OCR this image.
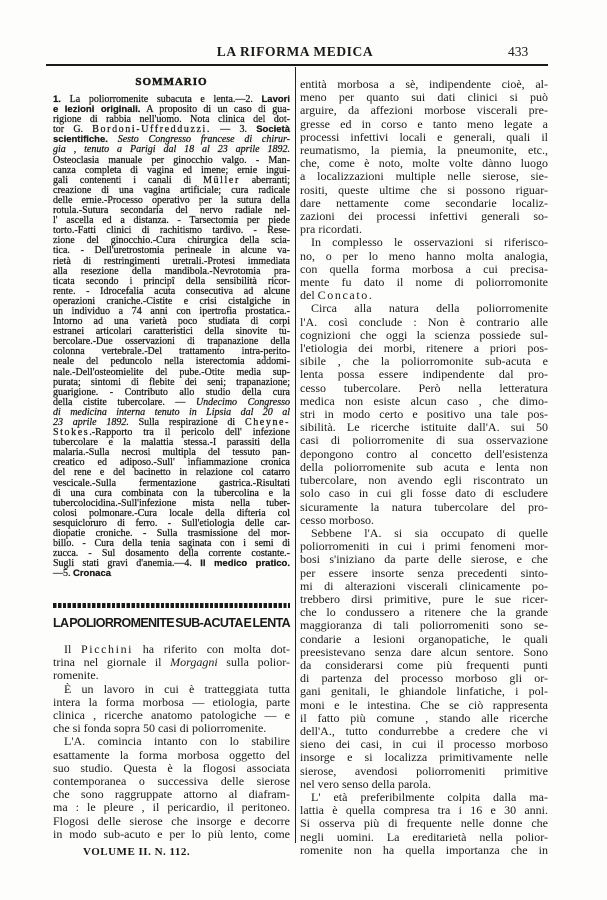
LA RIFORMA MEDICA	433
SOMMARIO
1. La poliorromenite subacuta e lenta.—2. Lavori
e lezioni originali. A proposito di un caso di gua-
rigione di rabbia nell'uomo. Nota clinica del dot-
tor G. Bordoni-Uffredduzzi. — 3. Società
scientifiche. Sesto Congresso francese di chirur-
gia , tenuto a Parigi dal 18 al 23 aprile 1892.
Osteoclasia manuale per ginocchio valgo. - Man-
canza completa di vagina ed imene; ernie ingui-
gali contenenti i canali di Müller aberranti;
creazione di una vagina artificiale; cura radicale
delle ernie.-Processo operativo per la sutura della
rotula.-Sutura secondaria del nervo radiale nel-
l' ascella ed a distanza. - Tarsectomia per piede
torto.-Fatti clinici di rachitismo tardivo. - Rese-
zione del ginocchio.-Cura chirurgica della scia-
tica. - Dell'uretrostomia perineale in alcune va-
rietà di restringimenti uretrali.-Protesi immediata
alla resezione della mandibola.-Nevrotomia pra-
ticata secondo i principî della sensibilità ricor-
rente. - Idrocefalia acuta consecutiva ad alcune
operazioni craniche.-Cistite e crisi cistalgiche in
un individuo a 74 anni con ipertrofia prostatica.-
Intorno ad una varietà poco studiata di corpi
estranei articolari caratteristici della sinovite tu-
bercolare.-Due osservazioni di trapanazione della
colonna vertebrale.-Del trattamento intra-perito-
neale del peduncolo nella isterectomia addomi-
nale.-Dell'osteomielite del pube.-Otite media sup-
purata; sintomi di flebite dei seni; trapanazione;
guarigione. - Contributo allo studio della cura
della cistite tubercolare. — Undecimo Congresso
di medicina interna tenuto in Lipsia dal 20 al
23 aprile 1892. Sulla respirazione di Cheyne-
Stokes.-Rapporto tra il pericolo dell' infezione
tubercolare e la malattia stessa.-I parassiti della
malaria.-Sulla necrosi multipla del tessuto pan-
creatico ed adiposo.-Sull' infiammazione cronica
del rene e del bacinetto in relazione col catarro
vescicale.-Sulla fermentazione gastrica.-Risultati
di una cura combinata con la tubercolina e la
tubercolocidina.-Sull'infezione mista nella tuber-
colosi polmonare.-Cura locale della difteria col
sesquicloruro di ferro. - Sull'etiologia delle car-
diopatie croniche. - Sulla trasmissione del mor-
billo. - Cura della tenia saginata con i semi di
zucca. - Sul dosamento della corrente costante.-
Sugli stati gravi d'anemia.—4. Il medico pratico.
—5. Cronaca
LA POLIORROMENITE SUB-ACUTA E LENTA
Il Picchini ha riferito con molta dot-
trina nel giornale il Morgagni sulla polior-
romenite.
È un lavoro in cui è tratteggiata tutta
intera la forma morbosa — etiologia, parte
clinica , ricerche anatomo patologiche — e
che si fonda sopra 50 casi di poliorromenite.
L'A. comincia intanto con lo stabilire
esattamente la forma morbosa oggetto del
suo studio. Questa è la flogosi associata
contemporanea o successiva delle sierose
che sono raggruppate attorno al diafram-
ma : le pleure , il pericardio, il peritoneo.
Flogosi delle sierose che insorge e decorre
in modo sub-acuto e per lo più lento, come
entità morbosa a sè, indipendente cioè, al-
meno per quanto sui dati clinici si può
arguire, da affezioni morbose viscerali pre-
gresse ed in corso e tanto meno legate a
processi infettivi locali e generali, quali il
reumatismo, la piemia, la pneumonite, etc.,
che, come è noto, molte volte dànno luogo
a localizzazioni multiple nelle sierose, sie-
rositi, queste ultime che si possono riguar-
dare nettamente come secondarie localiz-
zazioni dei processi infettivi generali so-
pra ricordati.
In complesso le osservazioni si riferisco-
no, o per lo meno hanno molta analogia,
con quella forma morbosa a cui precisa-
mente fu dato il nome di poliorromonite
del Concato.
Circa alla natura della poliorromenite
l'A. così conclude : Non è contrario alle
cognizioni che oggi la scienza possiede sul-
l'etiologia dei morbi, ritenere a priori pos-
sibile , che la poliorromonite sub-acuta e
lenta possa essere indipendente dal pro-
cesso tubercolare. Però nella letteratura
medica non esiste alcun caso , che dimo-
stri in modo certo e positivo una tale pos-
sibilità. Le ricerche istituite dall'A. sui 50
casi di poliorromenite di sua osservazione
depongono contro al concetto dell'esistenza
della poliorromenite sub acuta e lenta non
tubercolare, non avendo egli riscontrato un
solo caso in cui gli fosse dato di escludere
sicuramente la natura tubercolare del pro-
cesso morboso.
Sebbene l'A. si sia occupato di quelle
poliorromeniti in cui i primi fenomeni mor-
bosi s'iniziano da parte delle sierose, e che
per essere insorte senza precedenti sinto-
mi di alterazioni viscerali clinicamente po-
trebbero dirsi primitive, pure le sue ricer-
che lo condussero a ritenere che la grande
maggioranza di tali poliorromeniti sono se-
condarie a lesioni organopatiche, le quali
preesistevano senza dare alcun sentore. Sono
da considerarsi come più frequenti punti
di partenza del processo morboso gli or-
gani genitali, le ghiandole linfatiche, i pol-
moni e le intestina. Che se ciò rappresenta
il fatto più comune , stando alle ricerche
dell'A., tutto condurrebbe a credere che vi
sieno dei casi, in cui il processo morboso
insorge e si localizza primitivamente nelle
sierose, avendosi poliorromeniti primitive
nel vero senso della parola.
L' età preferibilmente colpita dalla ma-
lattia è quella compresa tra i 16 e 30 anni.
Si osserva più di frequente nelle donne che
negli uomini. La ereditarietà nella polior-
romenite non ha quella importanza che in
VOLUME II. N. 112.
